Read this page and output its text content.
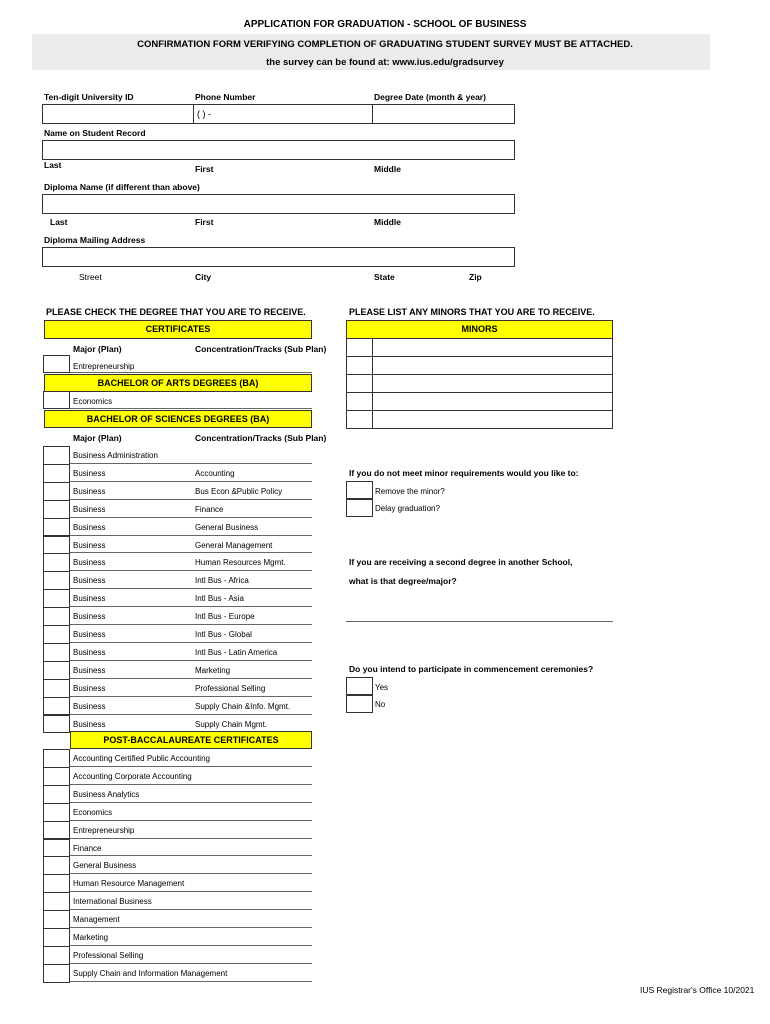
APPLICATION FOR GRADUATION - SCHOOL OF BUSINESS
CONFIRMATION FORM VERIFYING COMPLETION OF GRADUATING STUDENT SURVEY MUST BE ATTACHED.
the survey can be found at: www.ius.edu/gradsurvey
Ten-digit University ID	Phone Number	Degree Date (month & year)
( ) -
Name on Student Record
Last	First	Middle
Diploma Name (if different than above)
Last	First	Middle
Diploma Mailing Address
Street	City	State	Zip
PLEASE CHECK THE DEGREE THAT YOU ARE TO RECEIVE.	PLEASE LIST ANY MINORS THAT YOU ARE TO RECEIVE.
CERTIFICATES
Major (Plan)	Concentration/Tracks (Sub Plan)
Entrepreneurship
BACHELOR OF ARTS DEGREES (BA)
Economics
BACHELOR OF SCIENCES DEGREES (BA)
Major (Plan)	Concentration/Tracks (Sub Plan)
Business Administration
Business	Accounting
Business	Bus Econ &Public Policy
Business	Finance
Business	General Business
Business	General Management
Business	Human Resources Mgmt.
Business	Intl Bus - Africa
Business	Intl Bus - Asia
Business	Intl Bus - Europe
Business	Intl Bus - Global
Business	Intl Bus - Latin America
Business	Marketing
Business	Professional Selling
Business	Supply Chain &Info. Mgmt.
Business	Supply Chain Mgmt.
POST-BACCALAUREATE CERTIFICATES
Accounting Certified Public Accounting
Accounting Corporate Accounting
Business Analytics
Economics
Entrepreneurship
Finance
General Business
Human Resource Management
International Business
Management
Marketing
Professional Selling
Supply Chain and Information Management
MINORS
If you do not meet minor requirements would you like to:
Remove the minor?
Delay graduation?
If you are receiving a second degree in another School,
what is that degree/major?
Do you intend to participate in commencement ceremonies?
Yes
No
IUS Registrar's Office 10/2021
